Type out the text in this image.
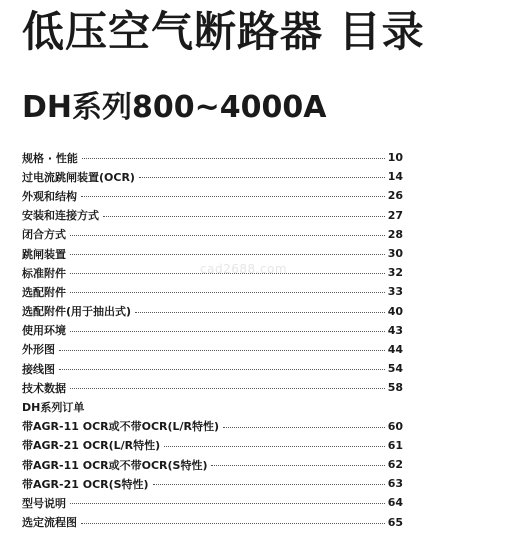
低压空气断路器 目录
DH系列800~4000A
cad2688.com
规格 · 性能	10
过电流跳闸装置(OCR)	14
外观和结构	26
安装和连接方式	27
闭合方式	28
跳闸装置	30
标准附件	32
选配附件	33
选配附件(用于抽出式)	40
使用环境	43
外形图	44
接线图	54
技术数据	58
DH系列订单
带AGR-11 OCR或不带OCR(L/R特性)	60
带AGR-21 OCR(L/R特性)	61
带AGR-11 OCR或不带OCR(S特性)	62
带AGR-21 OCR(S特性)	63
型号说明	64
选定流程图	65
